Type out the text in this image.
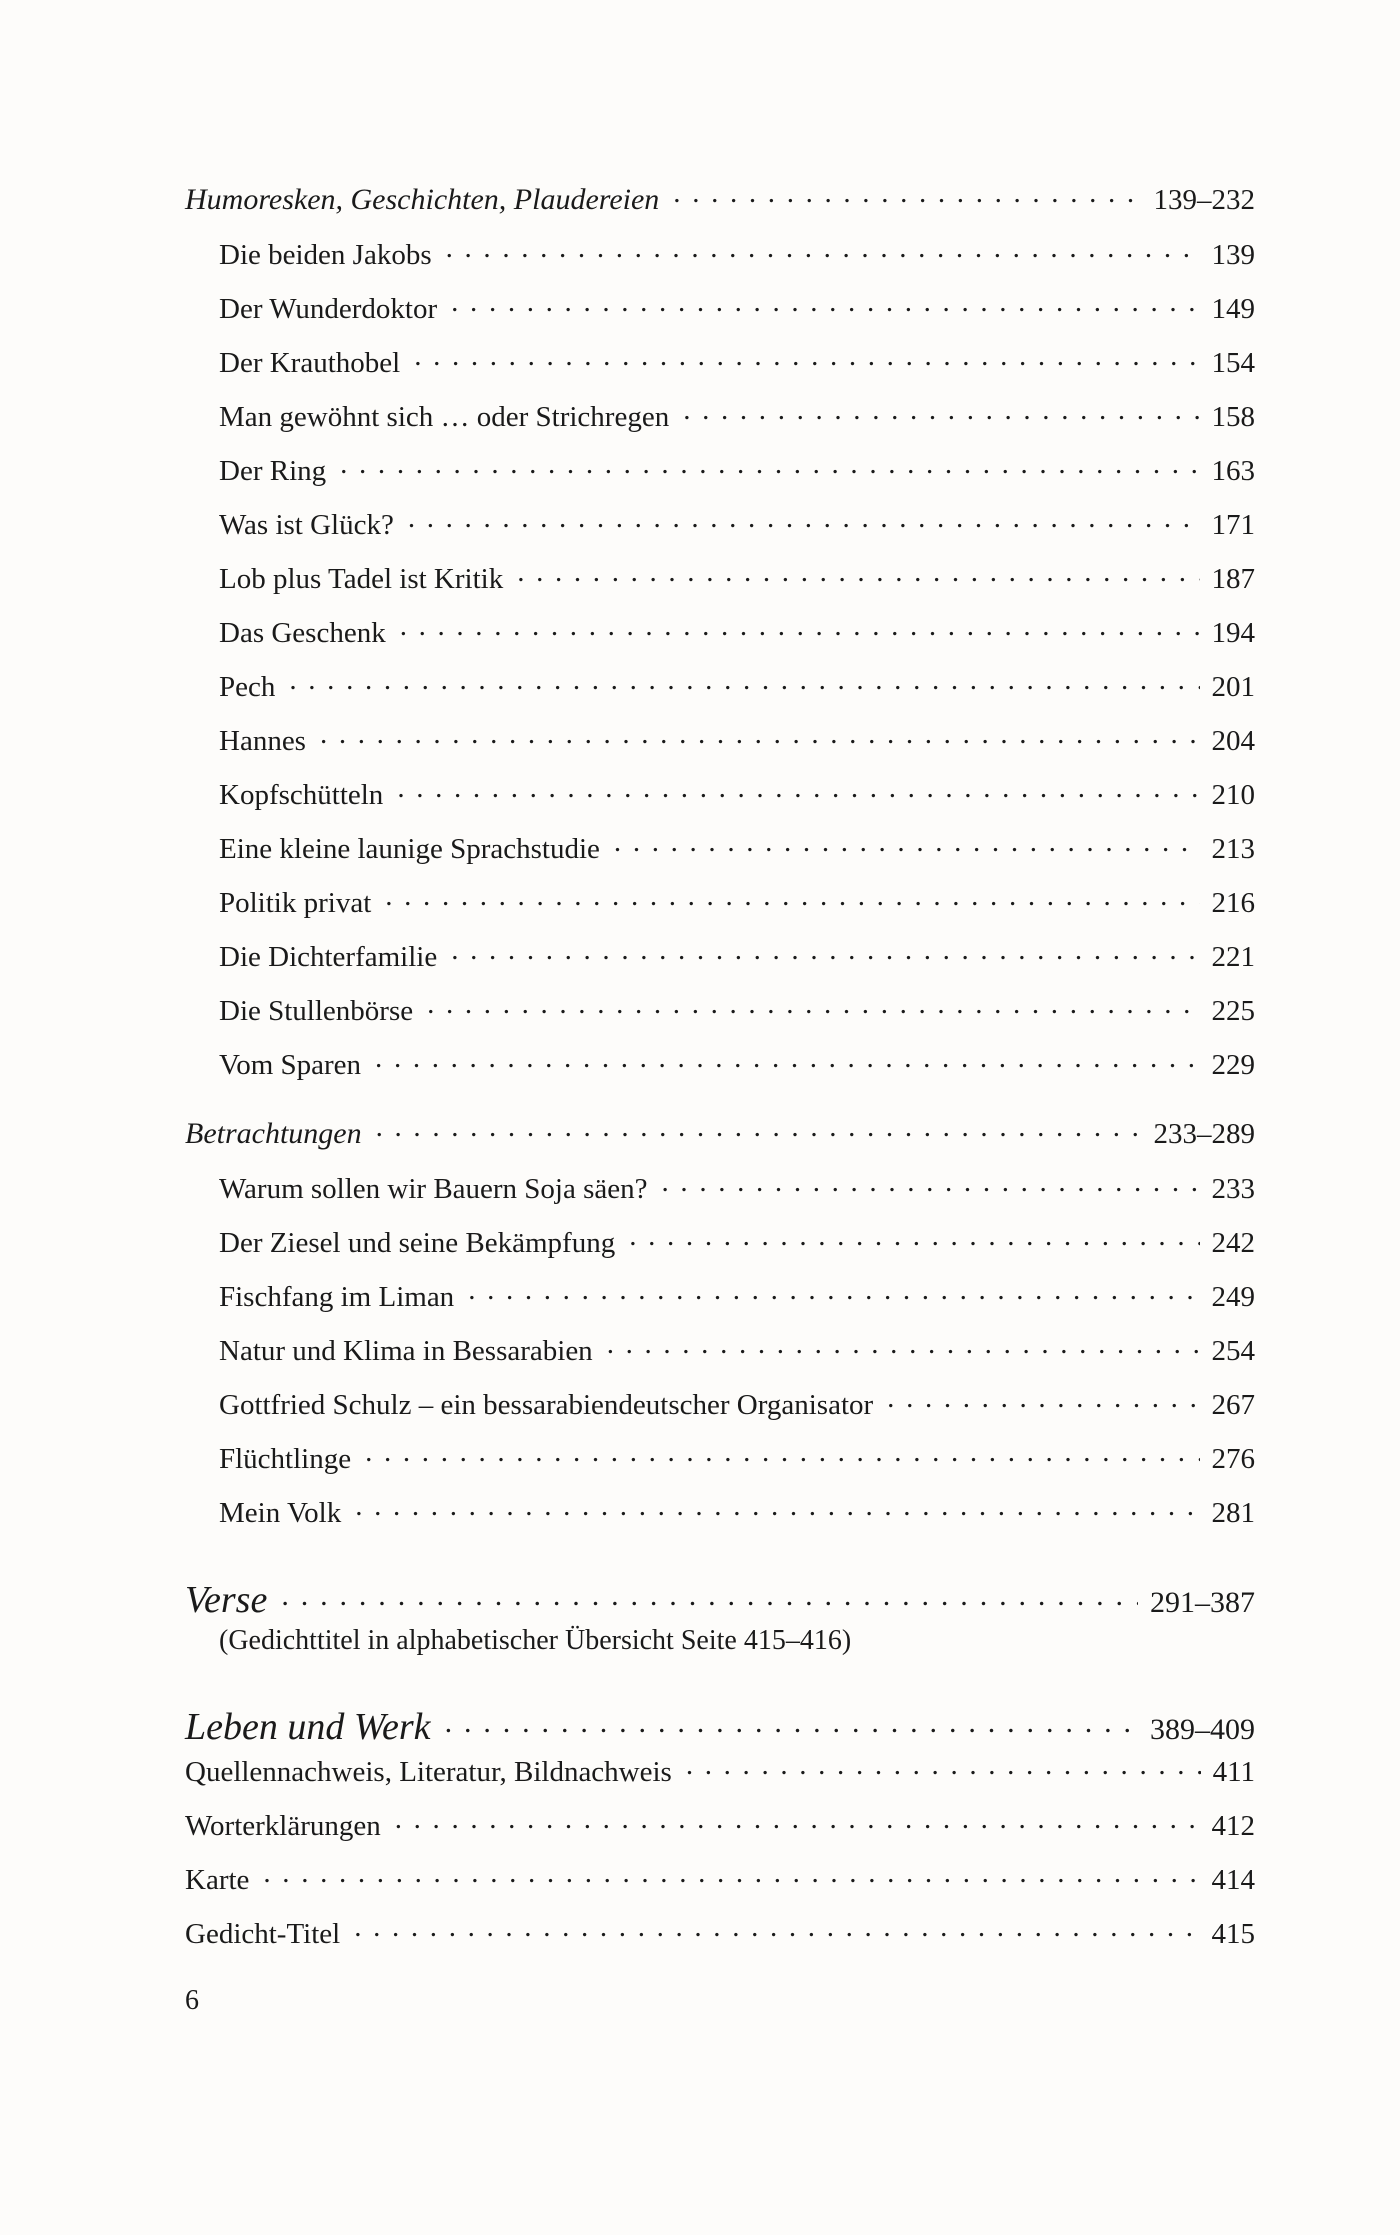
Humoresken, Geschichten, Plaudereien . . .	139–232
Die beiden Jakobs . . .	139
Der Wunderdoktor . . .	149
Der Krauthobel . . .	154
Man gewöhnt sich … oder Strichregen . . .	158
Der Ring . . .	163
Was ist Glück? . . .	171
Lob plus Tadel ist Kritik . . .	187
Das Geschenk . . .	194
Pech . . .	201
Hannes . . .	204
Kopfschütteln . . .	210
Eine kleine launige Sprachstudie . . .	213
Politik privat . . .	216
Die Dichterfamilie . . .	221
Die Stullenbörse . . .	225
Vom Sparen . . .	229
Betrachtungen . . .	233–289
Warum sollen wir Bauern Soja säen? . . .	233
Der Ziesel und seine Bekämpfung . . .	242
Fischfang im Liman . . .	249
Natur und Klima in Bessarabien . . .	254
Gottfried Schulz – ein bessarabiendeutscher Organisator . . .	267
Flüchtlinge . . .	276
Mein Volk . . .	281
Verse . . .	291–387
(Gedichttitel in alphabetischer Übersicht Seite 415–416)
Leben und Werk . . .	389–409
Quellennachweis, Literatur, Bildnachweis . . .	411
Worterklärungen . . .	412
Karte . . .	414
Gedicht-Titel . . .	415
6
